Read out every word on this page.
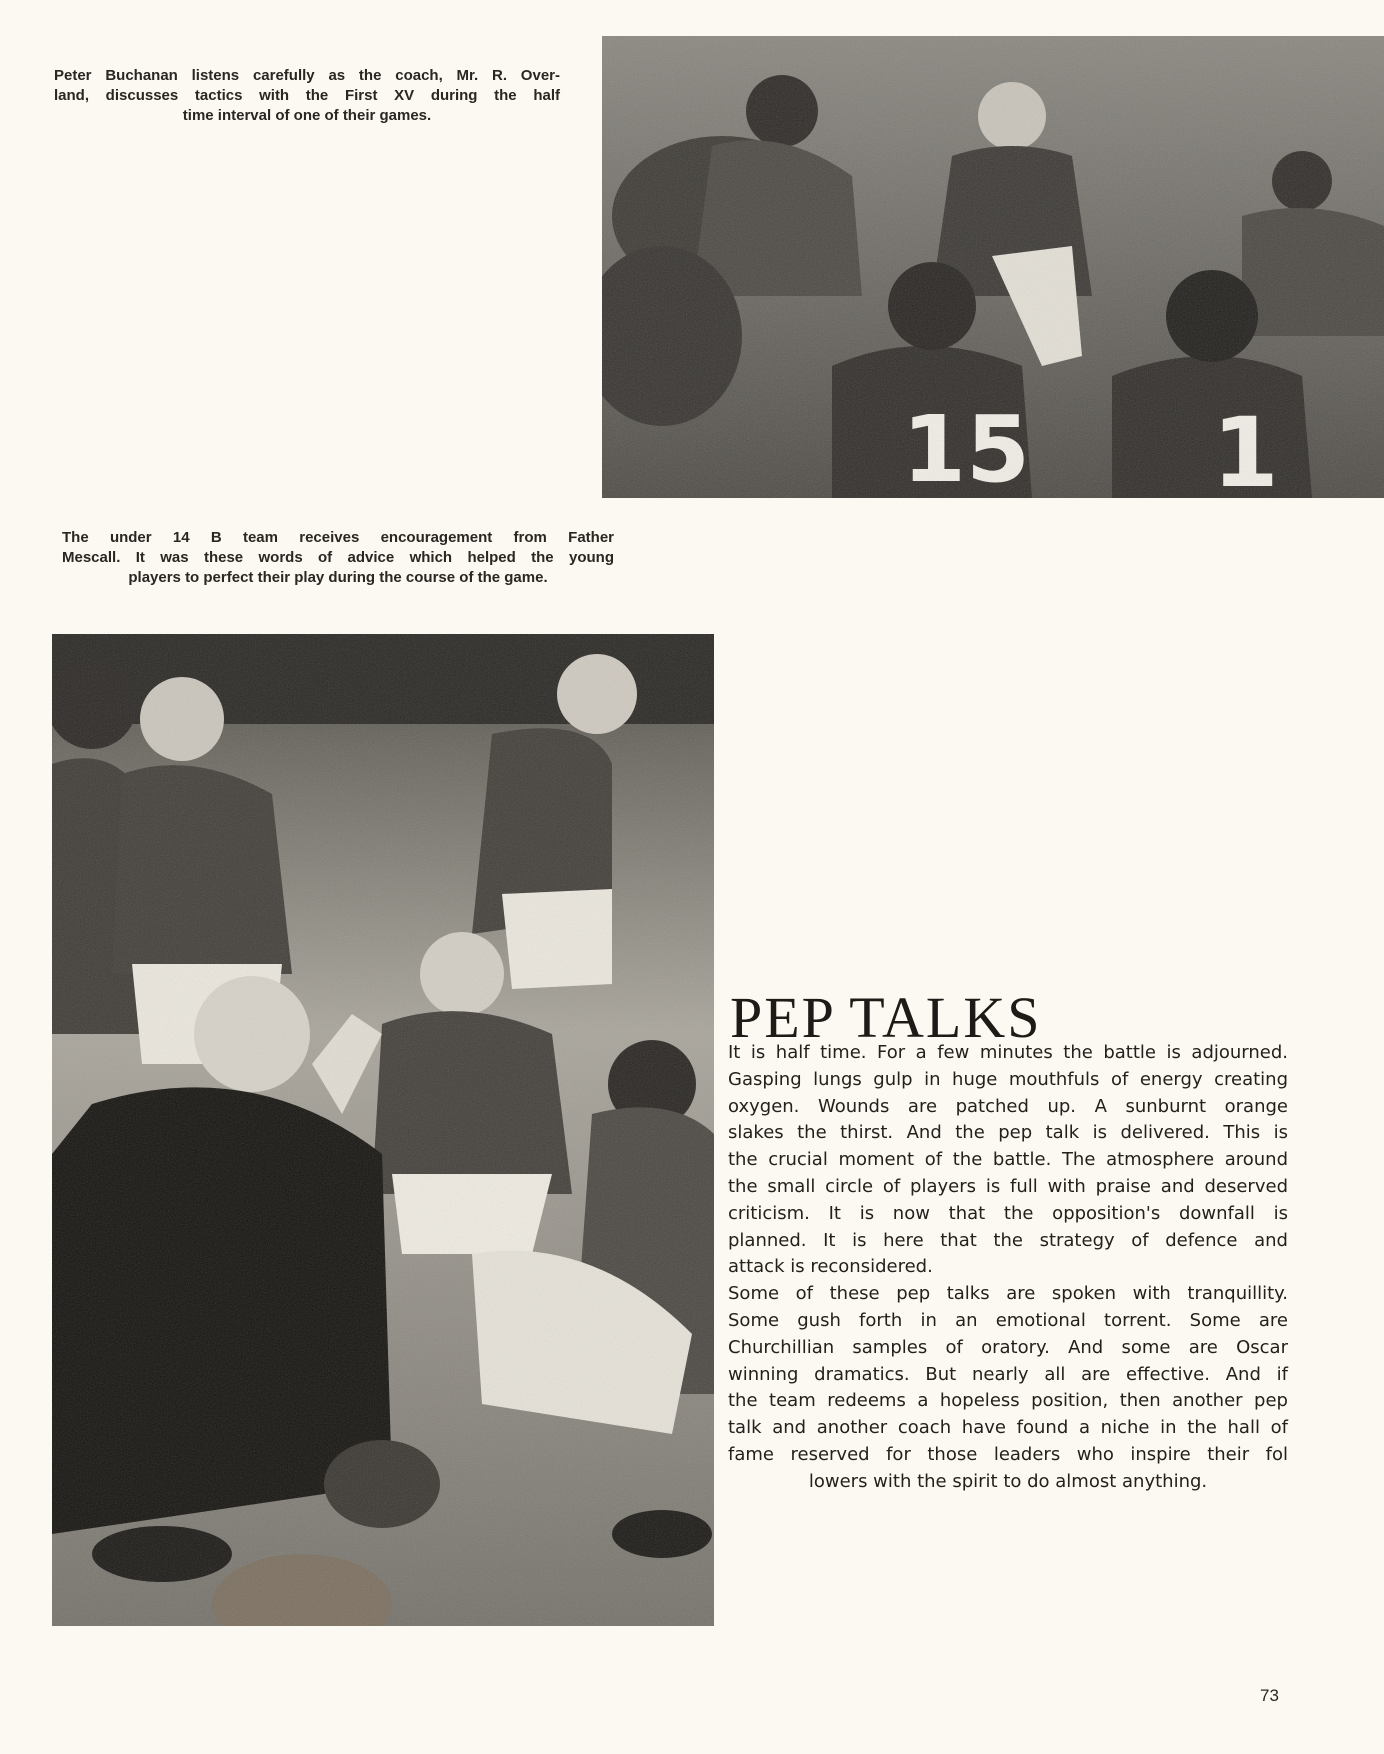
Peter Buchanan listens carefully as the coach, Mr. R. Over-
land, discusses tactics with the First XV during the half
time interval of one of their games.
The under 14 B team receives encouragement from Father
Mescall. It was these words of advice which helped the young
players to perfect their play during the course of the game.
PEP TALKS
It is half time. For a few minutes the battle is adjourned.
Gasping lungs gulp in huge mouthfuls of energy creating
oxygen. Wounds are patched up. A sunburnt orange
slakes the thirst. And the pep talk is delivered. This is
the crucial moment of the battle. The atmosphere around
the small circle of players is full with praise and deserved
criticism. It is now that the opposition's downfall is
planned. It is here that the strategy of defence and
attack is reconsidered.
Some of these pep talks are spoken with tranquillity.
Some gush forth in an emotional torrent. Some are
Churchillian samples of oratory. And some are Oscar
winning dramatics. But nearly all are effective. And if
the team redeems a hopeless position, then another pep
talk and another coach have found a niche in the hall of
fame reserved for those leaders who inspire their fol
lowers with the spirit to do almost anything.
73
